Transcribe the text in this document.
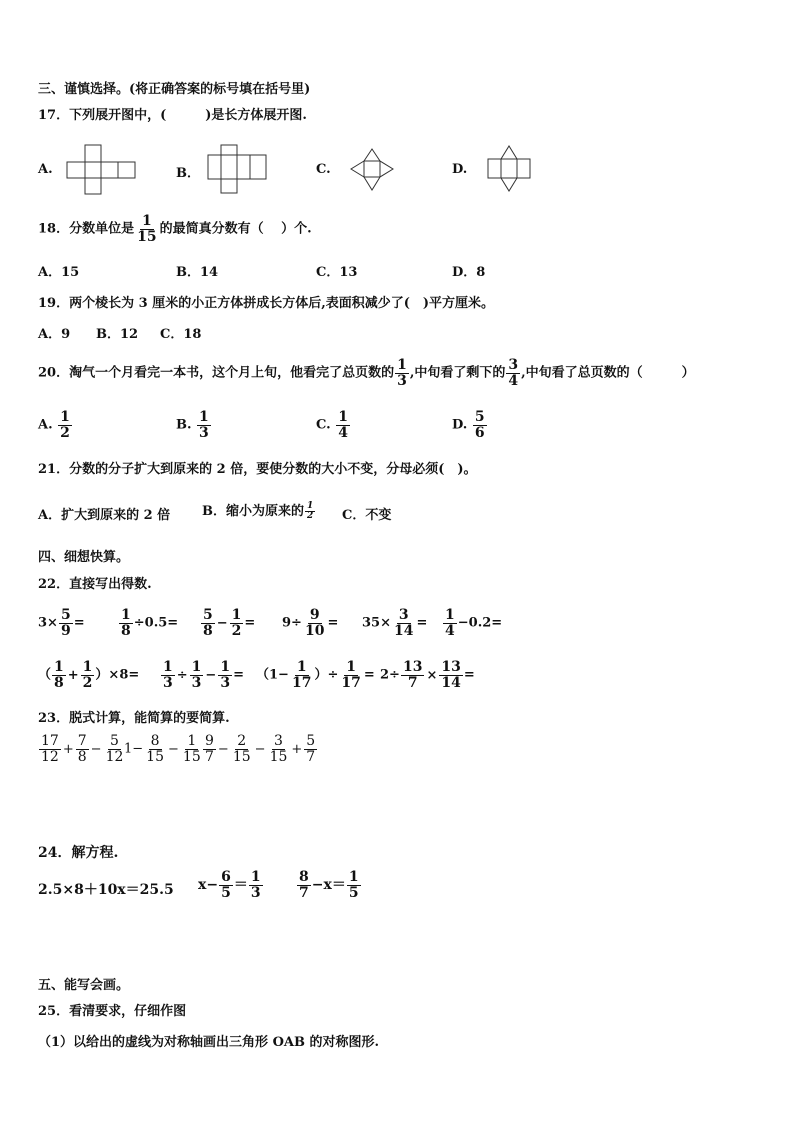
三、谨慎选择。(将正确答案的标号填在括号里)
17．下列展开图中，(　　　)是长方体展开图.
A.	B．	C.	D.
18．分数单位是 $\frac{1}{15}$ 的最简真分数有（　 ）个.
A．15	B．14	C．13	D．8
19．两个棱长为 3 厘米的小正方体拼成长方体后,表面积减少了(　)平方厘米。
A．9 B．12 C．18
20．淘气一个月看完一本书，这个月上旬，他看完了总页数的 $\frac{1}{3}$ ,中旬看了剩下的 $\frac{3}{4}$ ,中旬看了总页数的（　　　）
A. $\frac{1}{2}$	B. $\frac{1}{3}$	C. $\frac{1}{4}$	D. $\frac{5}{6}$
21．分数的分子扩大到原来的 2 倍，要使分数的大小不变，分母必须(　)。
A．扩大到原来的 2 倍 B．缩小为原来的 $\frac{1}{2}$ C．不变
四、细想快算。
22．直接写出得数.
$3\times \frac{5}{9} = \frac{1}{8} \div 0.5= \frac{5}{8} - \frac{1}{2} = 9\div \frac{9}{10} = 35\times \frac{3}{14} = \frac{1}{4} -0.2=$
（ $\frac{1}{8} + \frac{1}{2} )\times 8= \frac{1}{3} \div \frac{1}{3} - \frac{1}{3} = (1- \frac{1}{17}$ ）÷ $\frac{1}{17} = 2\div \frac{13}{7} \times \frac{13}{14}$ =
23．脱式计算，能简算的要简算.
$\frac{17}{12} + \frac{7}{8} - \frac{5}{12}$
$1- \frac{8}{15} - \frac{1}{15} \frac{9}{7} - \frac{2}{15} - \frac{3}{15} + \frac{5}{7}$
24．解方程.
2.5×8＋10x＝25.5 $x- \frac{6}{5} = \frac{1}{3} \frac{8}{7} -x= \frac{1}{5}$
五、能写会画。
25．看清要求，仔细作图
（1）以给出的虚线为对称轴画出三角形 OAB 的对称图形.
